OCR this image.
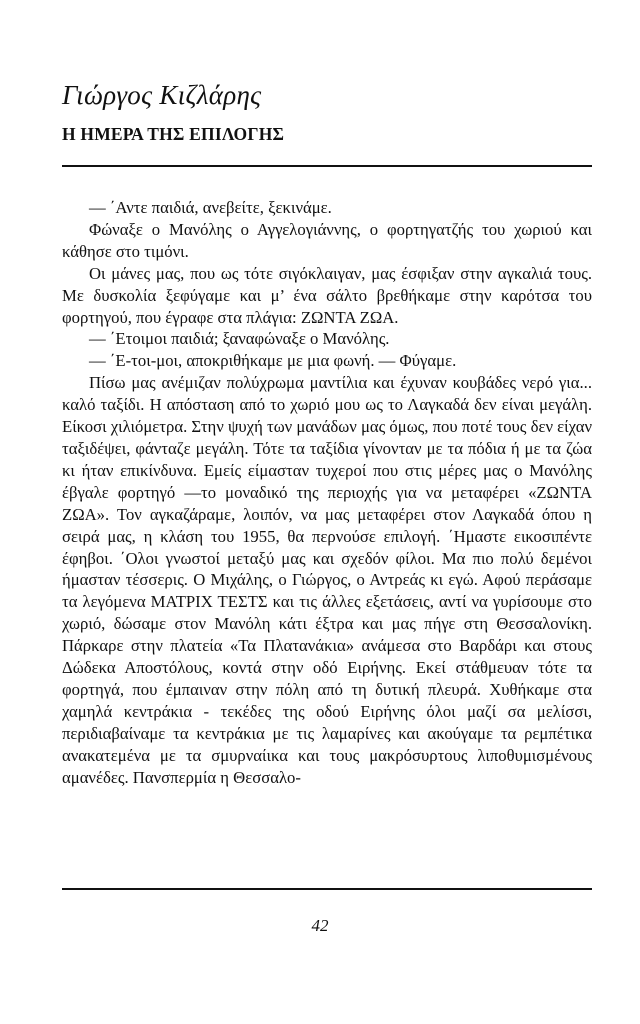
Γιώργος Κιζλάρης
Η ΗΜΕΡΑ ΤΗΣ ΕΠΙΛΟΓΗΣ

— ΄Αντε παιδιά, ανεβείτε, ξεκινάμε.

Φώναξε ο Μανόλης ο Αγγελογιάννης, ο φορτηγατζής του χωριού και κάθησε στο τιμόνι.

Οι μάνες μας, που ως τότε σιγόκλαιγαν, μας έσφιξαν στην αγκαλιά τους. Με δυσκολία ξεφύγαμε και μ’ ένα σάλτο βρεθήκαμε στην καρότσα του φορτηγού, που έγραφε στα πλάγια: ΖΩΝΤΑ ΖΩΑ.

— ΄Ετοιμοι παιδιά; ξαναφώναξε ο Μανόλης.

— ΄Ε-τοι-μοι, αποκριθήκαμε με μια φωνή. — Φύγαμε.

Πίσω μας ανέμιζαν πολύχρωμα μαντίλια και έχυναν κουβάδες νερό για... καλό ταξίδι. Η απόσταση από το χωριό μου ως το Λαγκαδά δεν είναι μεγάλη. Είκοσι χιλιόμετρα. Στην ψυχή των μανάδων μας όμως, που ποτέ τους δεν είχαν ταξιδέψει, φάνταζε μεγάλη. Τότε τα ταξίδια γίνονταν με τα πόδια ή με τα ζώα κι ήταν επικίνδυνα. Εμείς είμασταν τυχεροί που στις μέρες μας ο Μανόλης έβγαλε φορτηγό —το μοναδικό της περιοχής για να μεταφέρει «ΖΩΝΤΑ ΖΩΑ». Τον αγκαζάραμε, λοιπόν, να μας μεταφέρει στον Λαγκαδά όπου η σειρά μας, η κλάση του 1955, θα περνούσε επιλογή. ΄Ημαστε εικοσιπέντε έφηβοι. ΄Ολοι γνωστοί μεταξύ μας και σχεδόν φίλοι. Μα πιο πολύ δεμένοι ήμασταν τέσσερις. Ο Μιχάλης, ο Γιώργος, ο Αντρεάς κι εγώ. Αφού περάσαμε τα λεγόμενα ΜΑΤΡΙΧ ΤΕΣΤΣ και τις άλλες εξετάσεις, αντί να γυρίσουμε στο χωριό, δώσαμε στον Μανόλη κάτι έξτρα και μας πήγε στη Θεσσαλονίκη. Πάρκαρε στην πλατεία «Τα Πλατανάκια» ανάμεσα στο Βαρδάρι και στους Δώδεκα Αποστόλους, κοντά στην οδό Ειρήνης. Εκεί στάθμευαν τότε τα φορτηγά, που έμπαιναν στην πόλη από τη δυτική πλευρά. Χυθήκαμε στα χαμηλά κεντράκια - τεκέδες της οδού Ειρήνης όλοι μαζί σα μελίσσι, περιδιαβαίναμε τα κεντράκια με τις λαμαρίνες και ακούγαμε τα ρεμπέτικα ανακατεμένα με τα σμυρναίικα και τους μακρόσυρτους λιποθυμισμένους αμανέδες. Πανσπερμία η Θεσσαλο-

42
